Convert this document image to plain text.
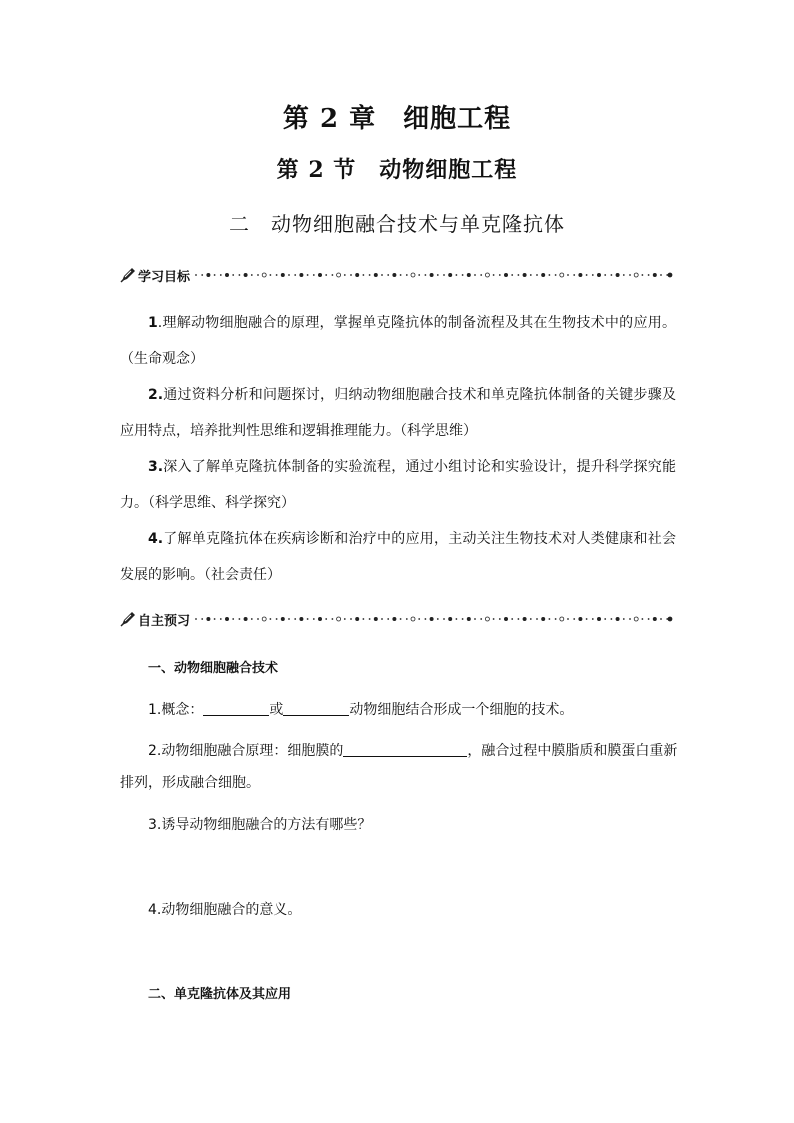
第 2 章　细胞工程
第 2 节　动物细胞工程
二　动物细胞融合技术与单克隆抗体
学习目标
1.理解动物细胞融合的原理，掌握单克隆抗体的制备流程及其在生物技术中的应用。（生命观念）
2.通过资料分析和问题探讨，归纳动物细胞融合技术和单克隆抗体制备的关键步骤及应用特点，培养批判性思维和逻辑推理能力。（科学思维）
3.深入了解单克隆抗体制备的实验流程，通过小组讨论和实验设计，提升科学探究能力。（科学思维、科学探究）
4.了解单克隆抗体在疾病诊断和治疗中的应用，主动关注生物技术对人类健康和社会发展的影响。（社会责任）
自主预习
一、动物细胞融合技术
1.概念：	或	动物细胞结合形成一个细胞的技术。
2.动物细胞融合原理：细胞膜的	，融合过程中膜脂质和膜蛋白重新
排列，形成融合细胞。
3.诱导动物细胞融合的方法有哪些？
4.动物细胞融合的意义。
二、单克隆抗体及其应用
